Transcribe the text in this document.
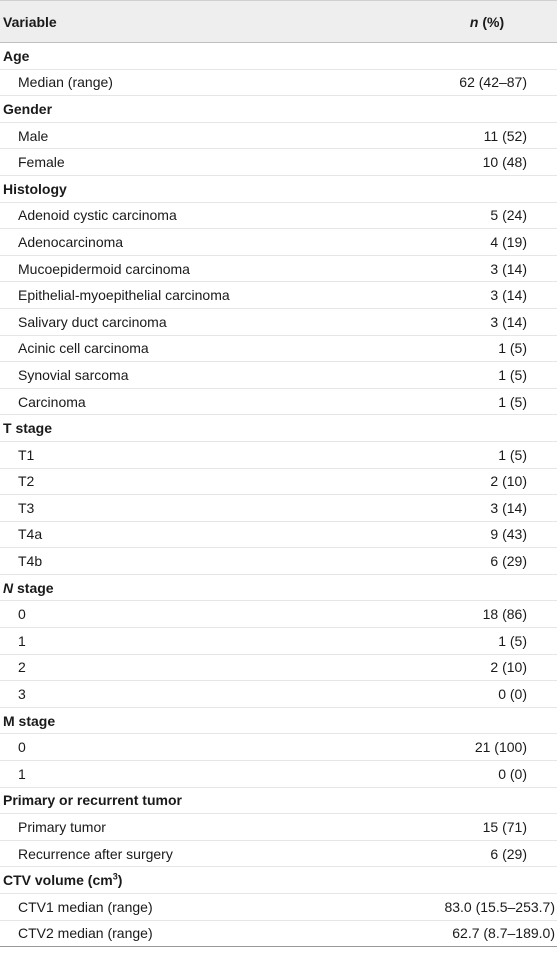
Variable	n (%)
Age
Median (range)	62 (42–87)
Gender
Male	11 (52)
Female	10 (48)
Histology
Adenoid cystic carcinoma	5 (24)
Adenocarcinoma	4 (19)
Mucoepidermoid carcinoma	3 (14)
Epithelial-myoepithelial carcinoma	3 (14)
Salivary duct carcinoma	3 (14)
Acinic cell carcinoma	1 (5)
Synovial sarcoma	1 (5)
Carcinoma	1 (5)
T stage
T1	1 (5)
T2	2 (10)
T3	3 (14)
T4a	9 (43)
T4b	6 (29)
N stage
0	18 (86)
1	1 (5)
2	2 (10)
3	0 (0)
M stage
0	21 (100)
1	0 (0)
Primary or recurrent tumor
Primary tumor	15 (71)
Recurrence after surgery	6 (29)
CTV volume $(cm^3)$
CTV1 median (range)	83.0 (15.5–253.7)
CTV2 median (range)	62.7 (8.7–189.0)
